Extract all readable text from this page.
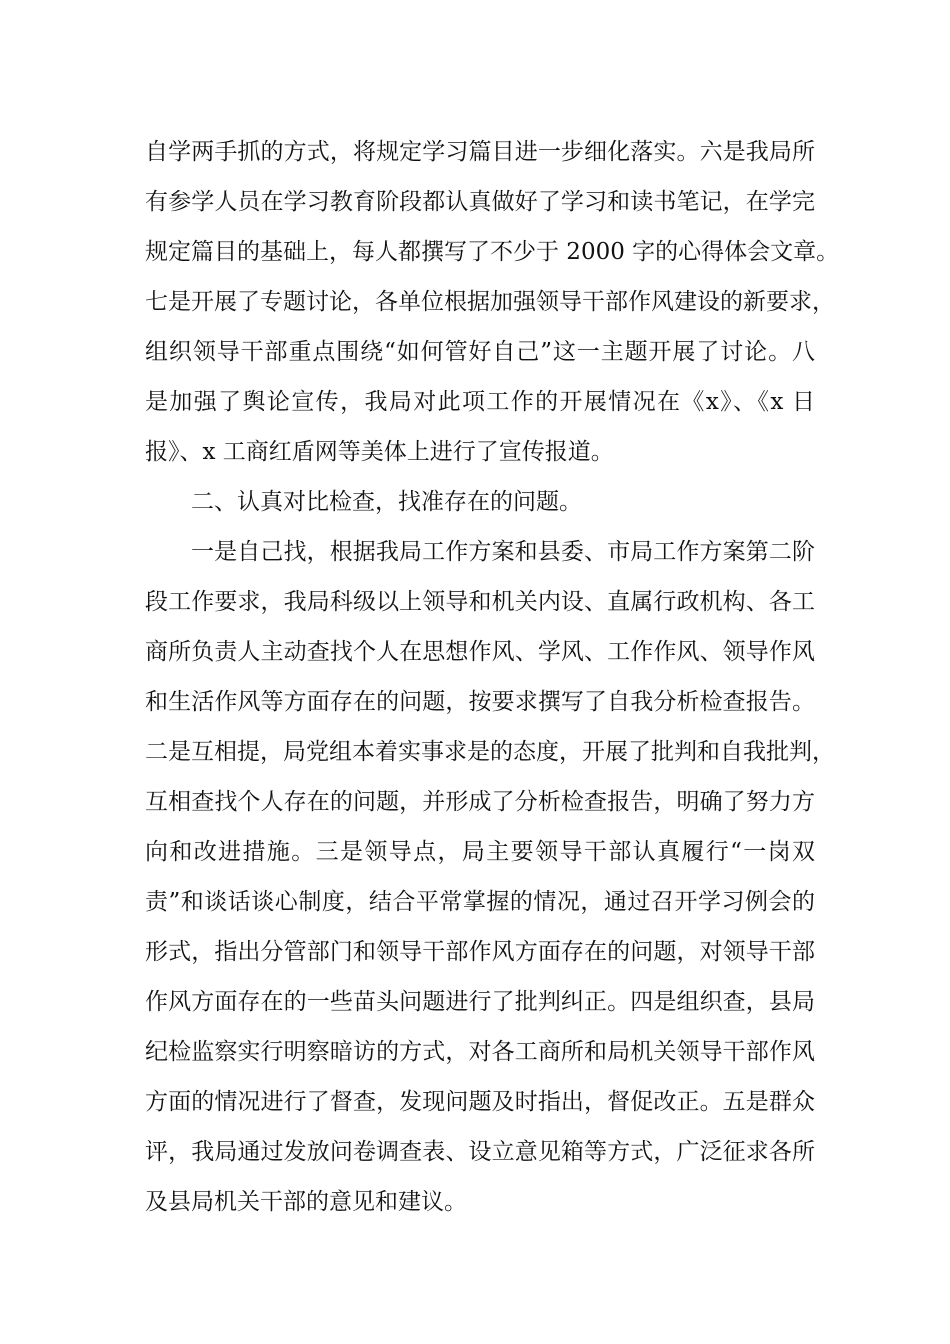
自学两手抓的方式，将规定学习篇目进一步细化落实。六是我局所
有参学人员在学习教育阶段都认真做好了学习和读书笔记，在学完
规定篇目的基础上，每人都撰写了不少于 2000 字的心得体会文章。
七是开展了专题讨论，各单位根据加强领导干部作风建设的新要求，
组织领导干部重点围绕“如何管好自己”这一主题开展了讨论。八
是加强了舆论宣传，我局对此项工作的开展情况在《x》、《x 日
报》、x 工商红盾网等美体上进行了宣传报道。
二、认真对比检查，找准存在的问题。
一是自己找，根据我局工作方案和县委、市局工作方案第二阶
段工作要求，我局科级以上领导和机关内设、直属行政机构、各工
商所负责人主动查找个人在思想作风、学风、工作作风、领导作风
和生活作风等方面存在的问题，按要求撰写了自我分析检查报告。
二是互相提，局党组本着实事求是的态度，开展了批判和自我批判，
互相查找个人存在的问题，并形成了分析检查报告，明确了努力方
向和改进措施。三是领导点，局主要领导干部认真履行“一岗双
责”和谈话谈心制度，结合平常掌握的情况，通过召开学习例会的
形式，指出分管部门和领导干部作风方面存在的问题，对领导干部
作风方面存在的一些苗头问题进行了批判纠正。四是组织查，县局
纪检监察实行明察暗访的方式，对各工商所和局机关领导干部作风
方面的情况进行了督查，发现问题及时指出，督促改正。五是群众
评，我局通过发放问卷调查表、设立意见箱等方式，广泛征求各所
及县局机关干部的意见和建议。
